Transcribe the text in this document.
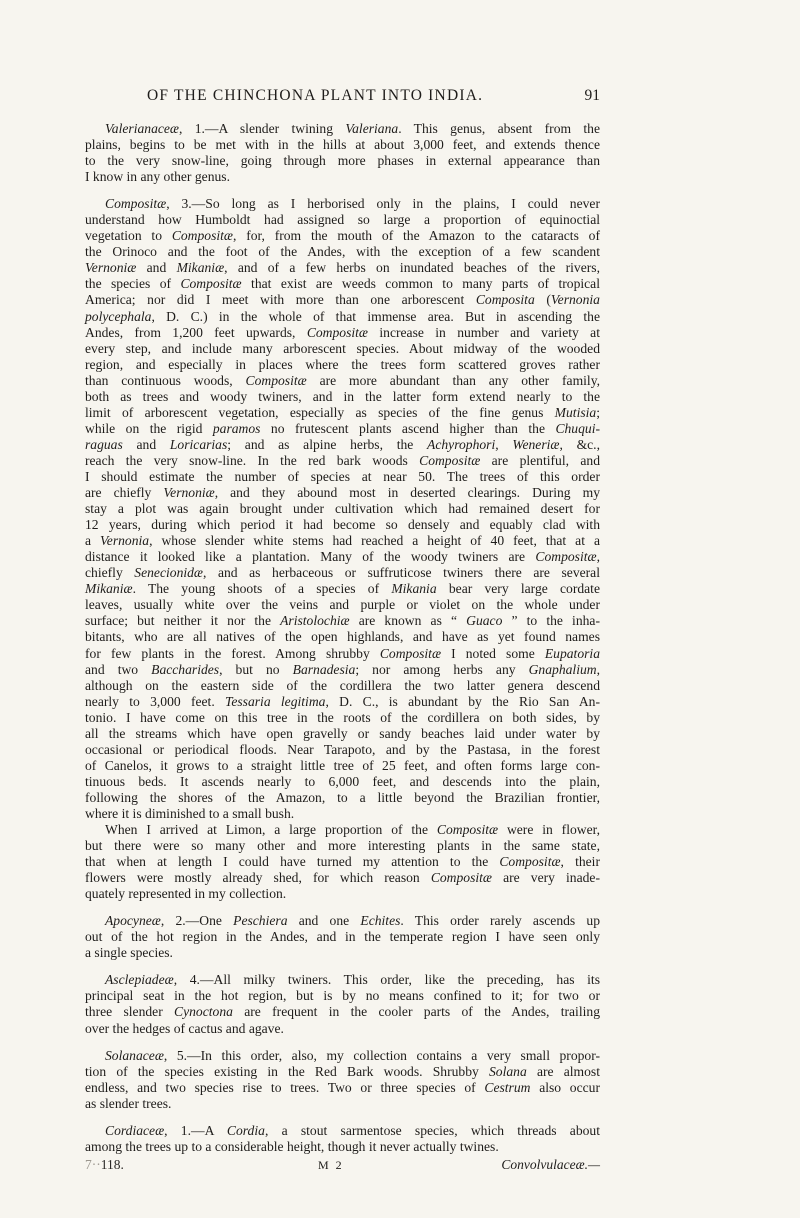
OF THE CHINCHONA PLANT INTO INDIA.	91
Valerianaceæ, 1.—A slender twining Valeriana. This genus, absent from the
plains, begins to be met with in the hills at about 3,000 feet, and extends thence
to the very snow-line, going through more phases in external appearance than
I know in any other genus.
Compositæ, 3.—So long as I herborised only in the plains, I could never
understand how Humboldt had assigned so large a proportion of equinoctial
vegetation to Compositæ, for, from the mouth of the Amazon to the cataracts of
the Orinoco and the foot of the Andes, with the exception of a few scandent
Vernoniæ and Mikaniæ, and of a few herbs on inundated beaches of the rivers,
the species of Compositæ that exist are weeds common to many parts of tropical
America; nor did I meet with more than one arborescent Composita (Vernonia
polycephala, D. C.) in the whole of that immense area. But in ascending the
Andes, from 1,200 feet upwards, Compositæ increase in number and variety at
every step, and include many arborescent species. About midway of the wooded
region, and especially in places where the trees form scattered groves rather
than continuous woods, Compositæ are more abundant than any other family,
both as trees and woody twiners, and in the latter form extend nearly to the
limit of arborescent vegetation, especially as species of the fine genus Mutisia;
while on the rigid paramos no frutescent plants ascend higher than the Chuqui-
raguas and Loricarias; and as alpine herbs, the Achyrophori, Weneriæ, &c.,
reach the very snow-line. In the red bark woods Compositæ are plentiful, and
I should estimate the number of species at near 50. The trees of this order
are chiefly Vernoniæ, and they abound most in deserted clearings. During my
stay a plot was again brought under cultivation which had remained desert for
12 years, during which period it had become so densely and equably clad with
a Vernonia, whose slender white stems had reached a height of 40 feet, that at a
distance it looked like a plantation. Many of the woody twiners are Compositæ,
chiefly Senecionidæ, and as herbaceous or suffruticose twiners there are several
Mikaniæ. The young shoots of a species of Mikania bear very large cordate
leaves, usually white over the veins and purple or violet on the whole under
surface; but neither it nor the Aristolochiæ are known as “ Guaco ” to the inha-
bitants, who are all natives of the open highlands, and have as yet found names
for few plants in the forest. Among shrubby Compositæ I noted some Eupatoria
and two Baccharides, but no Barnadesia; nor among herbs any Gnaphalium,
although on the eastern side of the cordillera the two latter genera descend
nearly to 3,000 feet. Tessaria legitima, D. C., is abundant by the Rio San An-
tonio. I have come on this tree in the roots of the cordillera on both sides, by
all the streams which have open gravelly or sandy beaches laid under water by
occasional or periodical floods. Near Tarapoto, and by the Pastasa, in the forest
of Canelos, it grows to a straight little tree of 25 feet, and often forms large con-
tinuous beds. It ascends nearly to 6,000 feet, and descends into the plain,
following the shores of the Amazon, to a little beyond the Brazilian frontier,
where it is diminished to a small bush.
When I arrived at Limon, a large proportion of the Compositæ were in flower,
but there were so many other and more interesting plants in the same state,
that when at length I could have turned my attention to the Compositæ, their
flowers were mostly already shed, for which reason Compositæ are very inade-
quately represented in my collection.
Apocyneæ, 2.—One Peschiera and one Echites. This order rarely ascends up
out of the hot region in the Andes, and in the temperate region I have seen only
a single species.
Asclepiadeæ, 4.—All milky twiners. This order, like the preceding, has its
principal seat in the hot region, but is by no means confined to it; for two or
three slender Cynoctona are frequent in the cooler parts of the Andes, trailing
over the hedges of cactus and agave.
Solanaceæ, 5.—In this order, also, my collection contains a very small propor-
tion of the species existing in the Red Bark woods. Shrubby Solana are almost
endless, and two species rise to trees. Two or three species of Cestrum also occur
as slender trees.
Cordiaceæ, 1.—A Cordia, a stout sarmentose species, which threads about
among the trees up to a considerable height, though it never actually twines.
7··118.	M 2	Convolvulaceæ.—
